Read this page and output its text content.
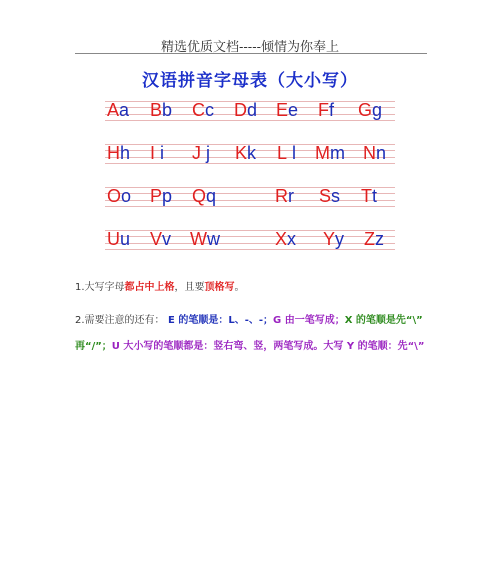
精选优质文档-----倾情为你奉上
汉语拼音字母表（大小写）
Aa Bb Cc Dd Ee Ff Gg
Hh I i J j Kk L l Mm Nn
Oo Pp Qq	Rr Ss Tt
Uu Vv Ww	Xx Yy Zz
1.大写字母都占中上格，且要顶格写。
2.需要注意的还有： E 的笔顺是：L、-、-；G 由一笔写成；X 的笔顺是先“\”
再“/”；U 大小写的笔顺都是：竖右弯、竖，两笔写成。大写 Y 的笔顺：先“\”
